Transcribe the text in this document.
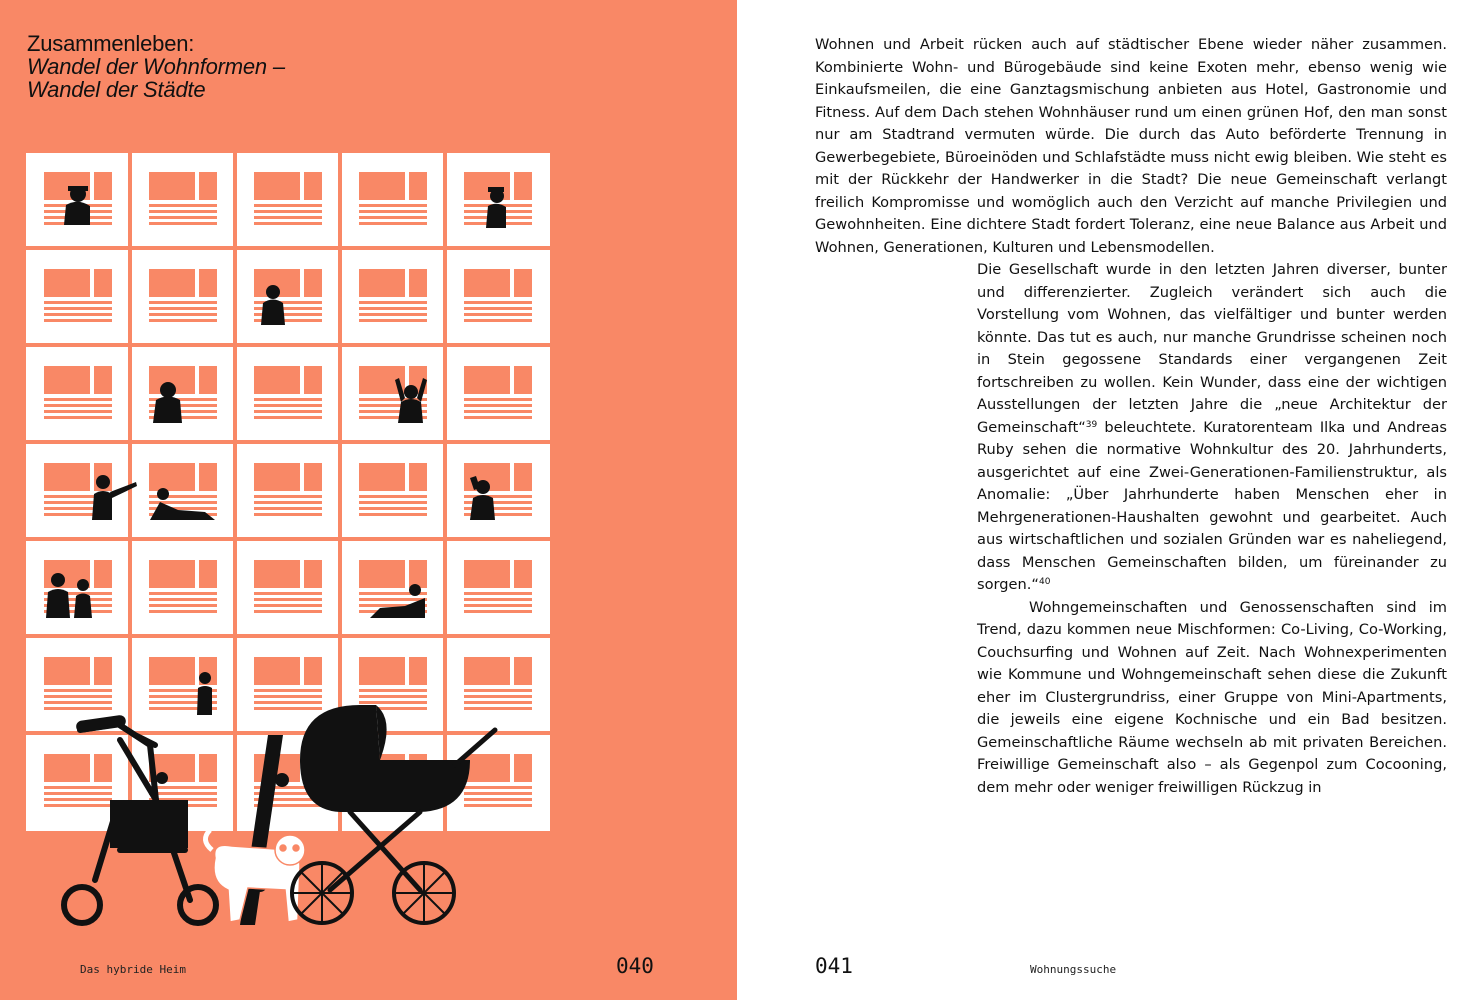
Zusammenleben:
Wandel der Wohnformen –
Wandel der Städte
Das hybride Heim	040

Wohnen und Arbeit rücken auch auf städtischer Ebene wieder näher zusammen. Kombinierte Wohn- und Bürogebäude sind keine Exoten mehr, ebenso wenig wie Einkaufsmeilen, die eine Ganztagsmischung anbieten aus Hotel, Gastronomie und Fitness. Auf dem Dach stehen Wohnhäuser rund um einen grünen Hof, den man sonst nur am Stadtrand vermuten würde. Die durch das Auto beförderte Trennung in Gewerbegebiete, Büroeinöden und Schlafstädte muss nicht ewig bleiben. Wie steht es mit der Rückkehr der Handwerker in die Stadt? Die neue Gemeinschaft verlangt freilich Kompromisse und womöglich auch den Verzicht auf manche Privilegien und Gewohnheiten. Eine dichtere Stadt fordert Toleranz, eine neue Balance aus Arbeit und Wohnen, Generationen, Kulturen und Lebensmodellen.

Die Gesellschaft wurde in den letzten Jahren diverser, bunter und differenzierter. Zugleich verändert sich auch die Vorstellung vom Wohnen, das vielfältiger und bunter werden könnte. Das tut es auch, nur manche Grundrisse scheinen noch in Stein gegossene Standards einer vergangenen Zeit fortschreiben zu wollen. Kein Wunder, dass eine der wichtigen Ausstellungen der letzten Jahre die „neue Architektur der Gemeinschaft“$^{39}$ beleuchtete. Kuratorenteam Ilka und Andreas Ruby sehen die normative Wohnkultur des 20. Jahrhunderts, ausgerichtet auf eine Zwei-Generationen-Familienstruktur, als Anomalie: „Über Jahrhunderte haben Menschen eher in Mehrgenerationen-Haushalten gewohnt und gearbeitet. Auch aus wirtschaftlichen und sozialen Gründen war es naheliegend, dass Menschen Gemeinschaften bilden, um füreinander zu sorgen.“$^{40}$

Wohngemeinschaften und Genossenschaften sind im Trend, dazu kommen neue Mischformen: Co-Living, Co-Working, Couchsurfing und Wohnen auf Zeit. Nach Wohnexperimenten wie Kommune und Wohngemeinschaft sehen diese die Zukunft eher im Clustergrundriss, einer Gruppe von Mini-Apartments, die jeweils eine eigene Kochnische und ein Bad besitzen. Gemeinschaftliche Räume wechseln ab mit privaten Bereichen. Freiwillige Gemeinschaft also – als Gegenpol zum Cocooning, dem mehr oder weniger freiwilligen Rückzug in

041	Wohnungssuche
